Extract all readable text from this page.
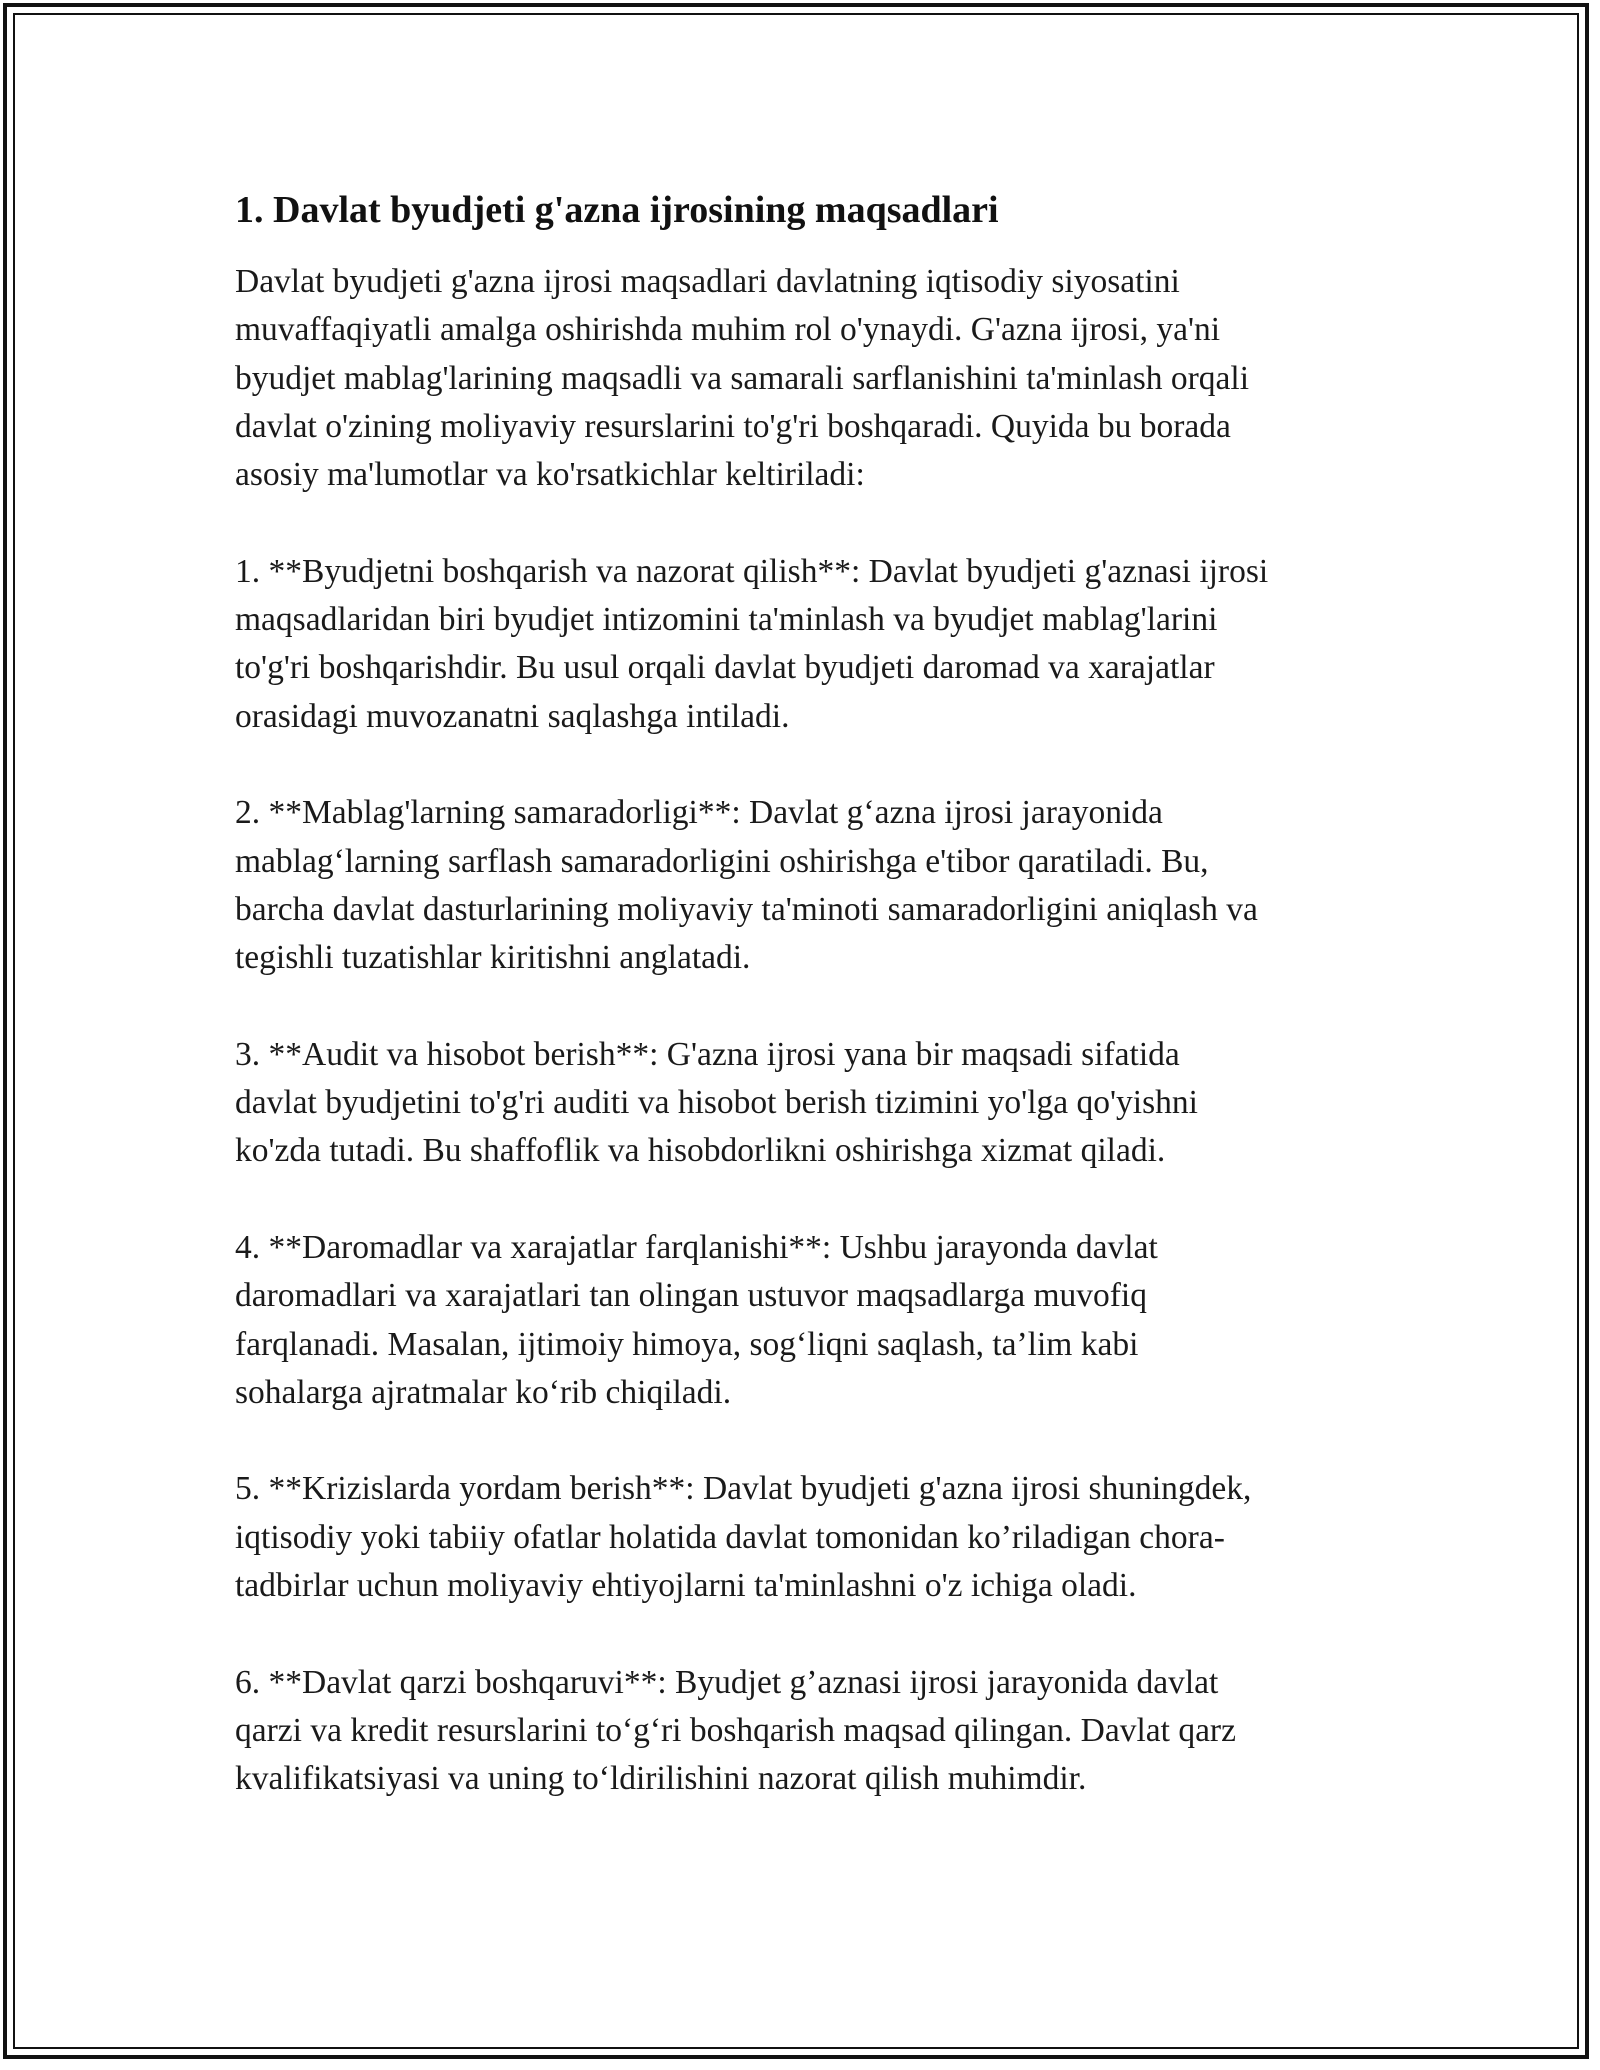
1. Davlat byudjeti g'azna ijrosining maqsadlari
Davlat byudjeti g'azna ijrosi maqsadlari davlatning iqtisodiy siyosatini
muvaffaqiyatli amalga oshirishda muhim rol o'ynaydi. G'azna ijrosi, ya'ni
byudjet mablag'larining maqsadli va samarali sarflanishini ta'minlash orqali
davlat o'zining moliyaviy resurslarini to'g'ri boshqaradi. Quyida bu borada
asosiy ma'lumotlar va ko'rsatkichlar keltiriladi:
1. **Byudjetni boshqarish va nazorat qilish**: Davlat byudjeti g'aznasi ijrosi
maqsadlaridan biri byudjet intizomini ta'minlash va byudjet mablag'larini
to'g'ri boshqarishdir. Bu usul orqali davlat byudjeti daromad va xarajatlar
orasidagi muvozanatni saqlashga intiladi.
2. **Mablag'larning samaradorligi**: Davlat g‘azna ijrosi jarayonida
mablag‘larning sarflash samaradorligini oshirishga e'tibor qaratiladi. Bu,
barcha davlat dasturlarining moliyaviy ta'minoti samaradorligini aniqlash va
tegishli tuzatishlar kiritishni anglatadi.
3. **Audit va hisobot berish**: G'azna ijrosi yana bir maqsadi sifatida
davlat byudjetini to'g'ri auditi va hisobot berish tizimini yo'lga qo'yishni
ko'zda tutadi. Bu shaffoflik va hisobdorlikni oshirishga xizmat qiladi.
4. **Daromadlar va xarajatlar farqlanishi**: Ushbu jarayonda davlat
daromadlari va xarajatlari tan olingan ustuvor maqsadlarga muvofiq
farqlanadi. Masalan, ijtimoiy himoya, sog‘liqni saqlash, ta’lim kabi
sohalarga ajratmalar ko‘rib chiqiladi.
5. **Krizislarda yordam berish**: Davlat byudjeti g'azna ijrosi shuningdek,
iqtisodiy yoki tabiiy ofatlar holatida davlat tomonidan ko’riladigan chora-
tadbirlar uchun moliyaviy ehtiyojlarni ta'minlashni o'z ichiga oladi.
6. **Davlat qarzi boshqaruvi**: Byudjet g’aznasi ijrosi jarayonida davlat
qarzi va kredit resurslarini to‘g‘ri boshqarish maqsad qilingan. Davlat qarz
kvalifikatsiyasi va uning to‘ldirilishini nazorat qilish muhimdir.
